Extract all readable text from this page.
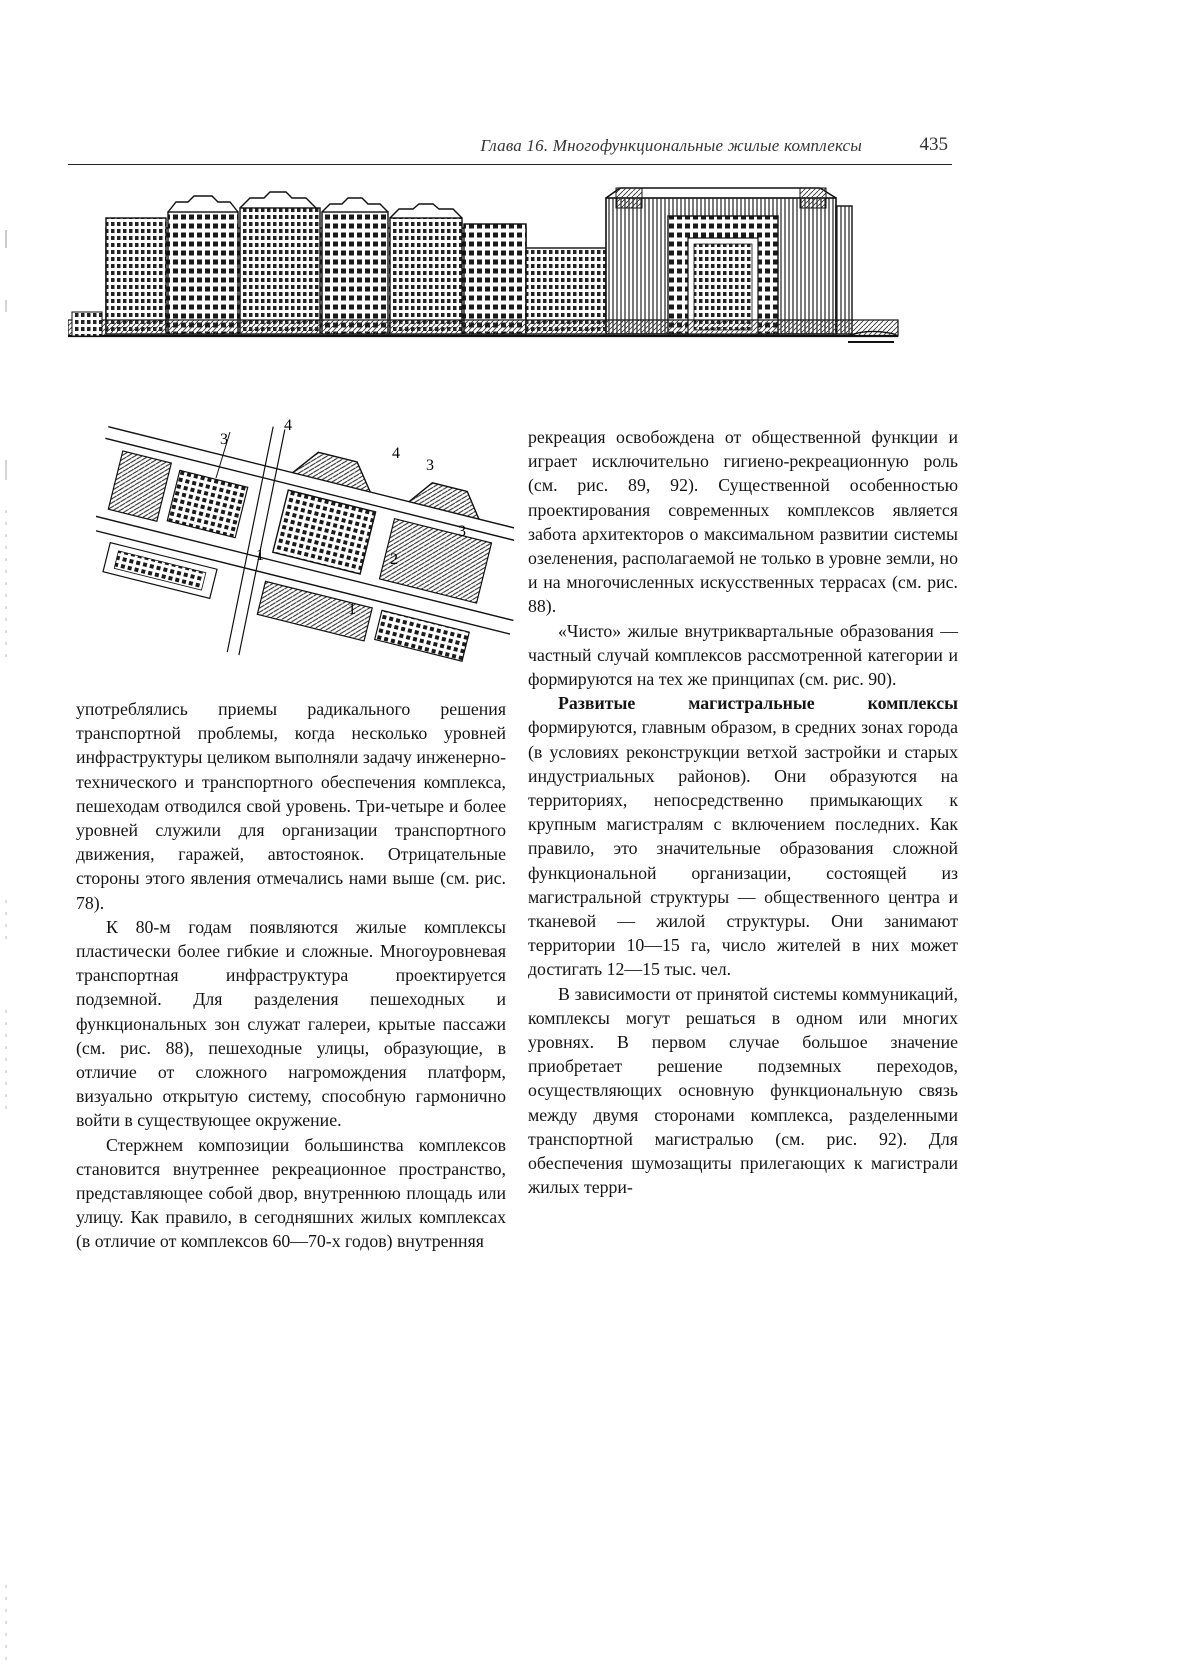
Глава 16. Многофункциональные жилые комплексы	435
4
3
4
3
3
1	2
1

употреблялись приемы радикального решения транспортной проблемы, когда несколько уровней инфраструктуры целиком выполняли задачу инженерно-технического и транспортного обеспечения комплекса, пешеходам отводился свой уровень. Три-четыре и более уровней служили для организации транспортного движения, гаражей, автостоянок. Отрицательные стороны этого явления отмечались нами выше (см. рис. 78).

К 80-м годам появляются жилые комплексы пластически более гибкие и сложные. Многоуровневая транспортная инфраструктура проектируется подземной. Для разделения пешеходных и функциональных зон служат галереи, крытые пассажи (см. рис. 88), пешеходные улицы, образующие, в отличие от сложного нагромождения платформ, визуально открытую систему, способную гармонично войти в существующее окружение.

Стержнем композиции большинства комплексов становится внутреннее рекреационное пространство, представляющее собой двор, внутреннюю площадь или улицу. Как правило, в сегодняшних жилых комплексах (в отличие от комплексов 60—70-х годов) внутренняя

рекреация освобождена от общественной функции и играет исключительно гигиено-рекреационную роль (см. рис. 89, 92). Существенной особенностью проектирования современных комплексов является забота архитекторов о максимальном развитии системы озеленения, располагаемой не только в уровне земли, но и на многочисленных искусственных террасах (см. рис. 88).

«Чисто» жилые внутриквартальные образования — частный случай комплексов рассмотренной категории и формируются на тех же принципах (см. рис. 90).

Развитые магистральные комплексы формируются, главным образом, в средних зонах города (в условиях реконструкции ветхой застройки и старых индустриальных районов). Они образуются на территориях, непосредственно примыкающих к крупным магистралям с включением последних. Как правило, это значительные образования сложной функциональной организации, состоящей из магистральной структуры — общественного центра и тканевой — жилой структуры. Они занимают территории 10—15 га, число жителей в них может достигать 12—15 тыс. чел.

В зависимости от принятой системы коммуникаций, комплексы могут решаться в одном или многих уровнях. В первом случае большое значение приобретает решение подземных переходов, осуществляющих основную функциональную связь между двумя сторонами комплекса, разделенными транспортной магистралью (см. рис. 92). Для обеспечения шумозащиты прилегающих к магистрали жилых терри-
